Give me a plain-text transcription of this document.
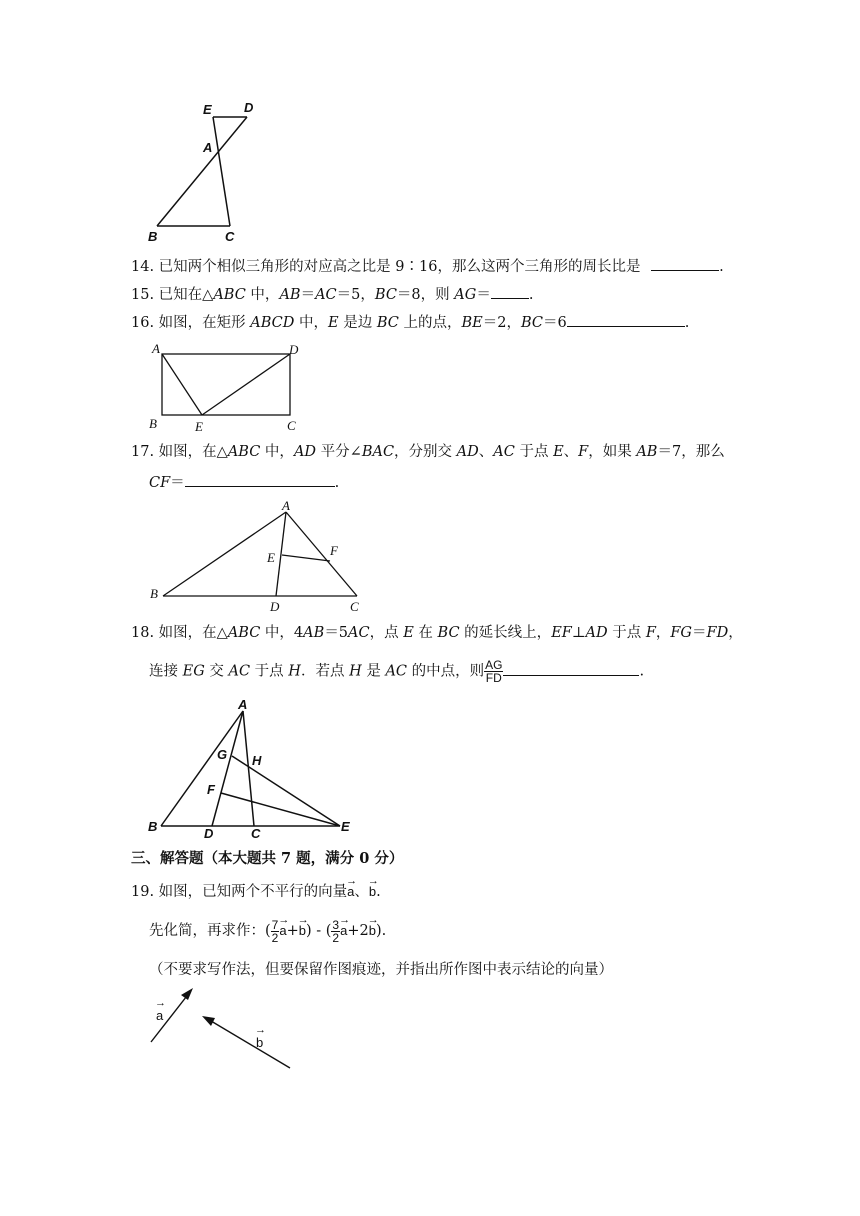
E D
A
B	C
14. 已知两个相似三角形的对应高之比是 9∶16，那么这两个三角形的周长比是	.
15. 已知在△ABC 中，AB＝AC＝5，BC＝8，则 AG＝	.
16. 如图，在矩形 ABCD 中，E 是边 BC 上的点，BE＝2，BC＝6	.
A	D
B	E	C
17. 如图，在△ABC 中，AD 平分∠BAC，分别交 AD、AC 于点 E、F，如果 AB＝7，那么
CF＝	.
A
E	F
B
D	C
18. 如图，在△ABC 中，4AB＝5AC，点 E 在 BC 的延长线上，EF⊥AD 于点 F，FG＝FD，
连接 EG 交 AC 于点 H．若点 H 是 AC 的中点，则 $\frac{AG}{FD}$	.
A
G H
F
B	D	C	E
三、解答题（本大题共 7 题，满分 0 分）
19. 如图，已知两个不平行的向量→ a、→ b.
先化简，再求作：( $\frac{7}{2}$
→ a+→ b) - ( $\frac{3}{2}$
→ a+2→ b).
（不要求写作法，但要保留作图痕迹，并指出所作图中表示结论的向量）
→ a
→ b
